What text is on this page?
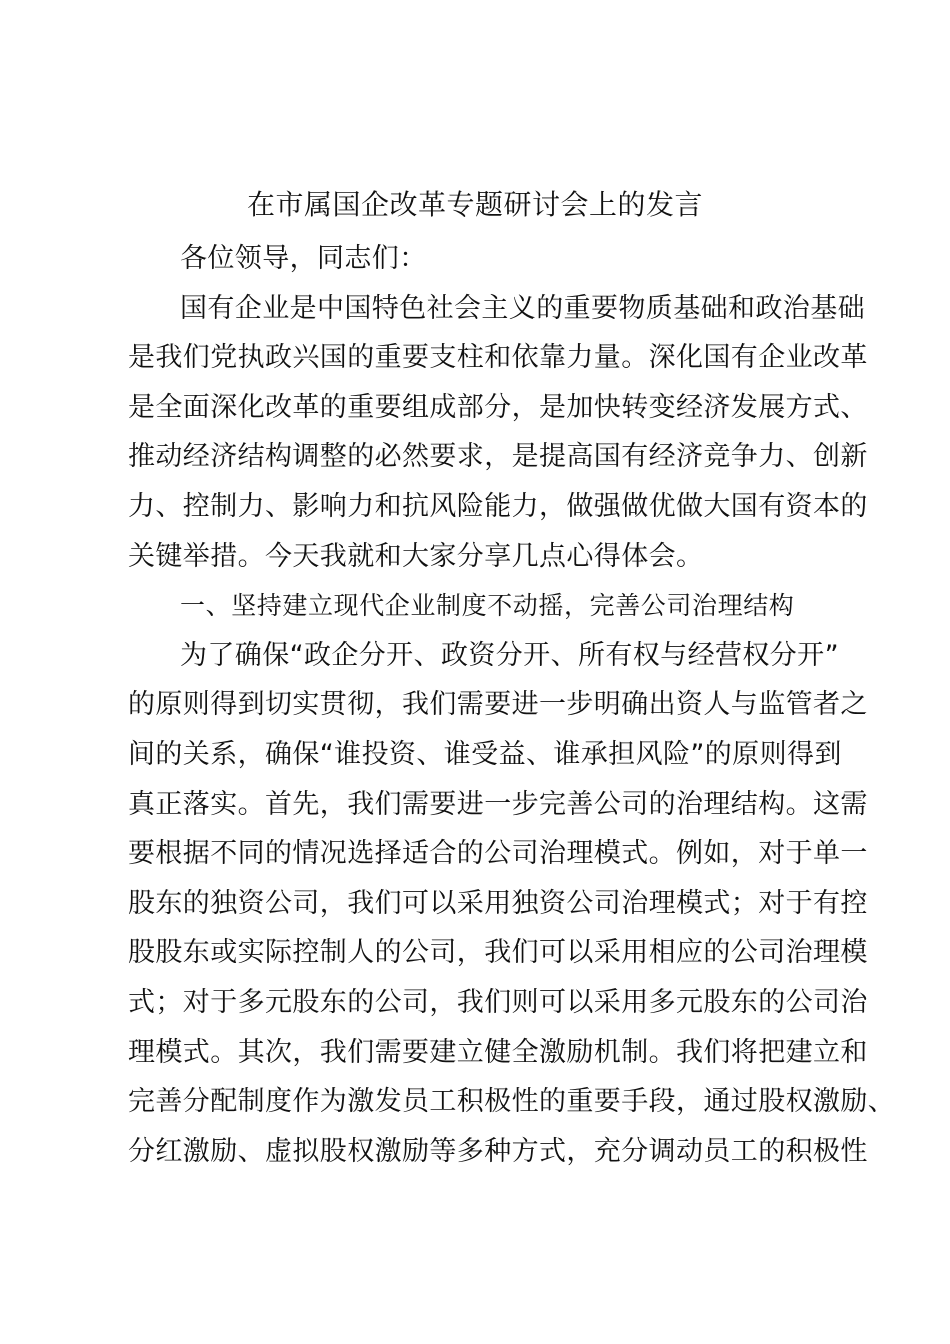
在市属国企改革专题研讨会上的发言
各位领导，同志们：
国有企业是中国特色社会主义的重要物质基础和政治基础
是我们党执政兴国的重要支柱和依靠力量。深化国有企业改革
是全面深化改革的重要组成部分，是加快转变经济发展方式、
推动经济结构调整的必然要求，是提高国有经济竞争力、创新
力、控制力、影响力和抗风险能力，做强做优做大国有资本的
关键举措。今天我就和大家分享几点心得体会。
一、坚持建立现代企业制度不动摇，完善公司治理结构
为了确保“政企分开、政资分开、所有权与经营权分开”
的原则得到切实贯彻，我们需要进一步明确出资人与监管者之
间的关系，确保“谁投资、谁受益、谁承担风险”的原则得到
真正落实。首先，我们需要进一步完善公司的治理结构。这需
要根据不同的情况选择适合的公司治理模式。例如，对于单一
股东的独资公司，我们可以采用独资公司治理模式；对于有控
股股东或实际控制人的公司，我们可以采用相应的公司治理模
式；对于多元股东的公司，我们则可以采用多元股东的公司治
理模式。其次，我们需要建立健全激励机制。我们将把建立和
完善分配制度作为激发员工积极性的重要手段，通过股权激励、
分红激励、虚拟股权激励等多种方式，充分调动员工的积极性
